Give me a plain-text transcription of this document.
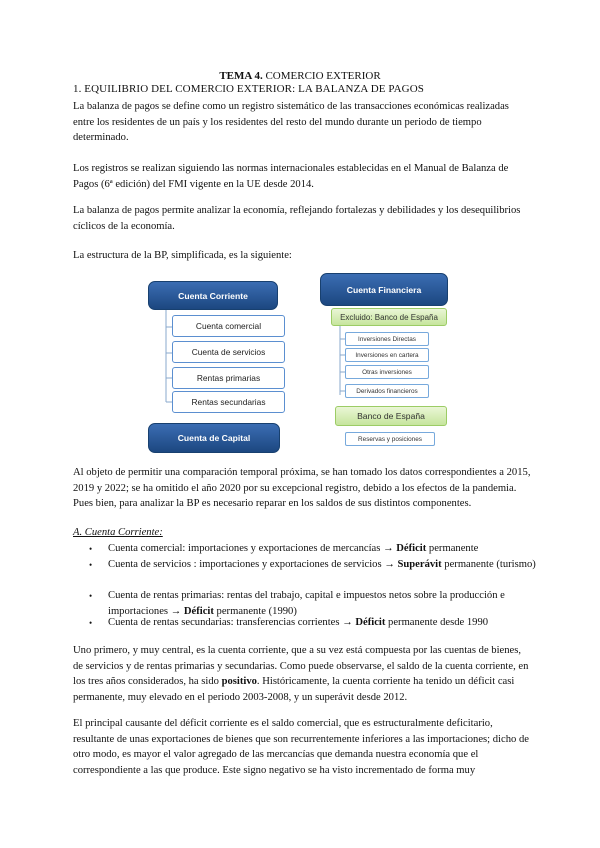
TEMA 4. COMERCIO EXTERIOR
1. EQUILIBRIO DEL COMERCIO EXTERIOR: LA BALANZA DE PAGOS

La balanza de pagos se define como un registro sistemático de las transacciones económicas realizadas entre los residentes de un país y los residentes del resto del mundo durante un periodo de tiempo determinado.

Los registros se realizan siguiendo las normas internacionales establecidas en el Manual de Balanza de Pagos (6ª edición) del FMI vigente en la UE desde 2014.

La balanza de pagos permite analizar la economía, reflejando fortalezas y debilidades y los desequilibrios cíclicos de la economía.

La estructura de la BP, simplificada, es la siguiente:

Cuenta Corriente
Cuenta comercial
Cuenta de servicios
Rentas primarias
Rentas secundarias
Cuenta de Capital
Cuenta Financiera
Excluido: Banco de España
Inversiones Directas
Inversiones en cartera
Otras inversiones
Derivados financieros
Banco de España
Reservas y posiciones

Al objeto de permitir una comparación temporal próxima, se han tomado los datos correspondientes a 2015, 2019 y 2022; se ha omitido el año 2020 por su excepcional registro, debido a los efectos de la pandemia. Pues bien, para analizar la BP es necesario reparar en los saldos de sus distintos componentes.

A. Cuenta Corriente:
• Cuenta comercial: importaciones y exportaciones de mercancías → Déficit permanente
• Cuenta de servicios : importaciones y exportaciones de servicios → Superávit permanente (turismo)
• Cuenta de rentas primarias: rentas del trabajo, capital e impuestos netos sobre la producción e importaciones → Déficit permanente (1990)
• Cuenta de rentas secundarias: transferencias corrientes → Déficit permanente desde 1990

Uno primero, y muy central, es la cuenta corriente, que a su vez está compuesta por las cuentas de bienes, de servicios y de rentas primarias y secundarias. Como puede observarse, el saldo de la cuenta corriente, en los tres años considerados, ha sido positivo. Históricamente, la cuenta corriente ha tenido un déficit casi permanente, muy elevado en el periodo 2003-2008, y un superávit desde 2012.

El principal causante del déficit corriente es el saldo comercial, que es estructuralmente deficitario, resultante de unas exportaciones de bienes que son recurrentemente inferiores a las importaciones; dicho de otro modo, es mayor el valor agregado de las mercancías que demanda nuestra economía que el correspondiente a las que produce. Este signo negativo se ha visto incrementado de forma muy
